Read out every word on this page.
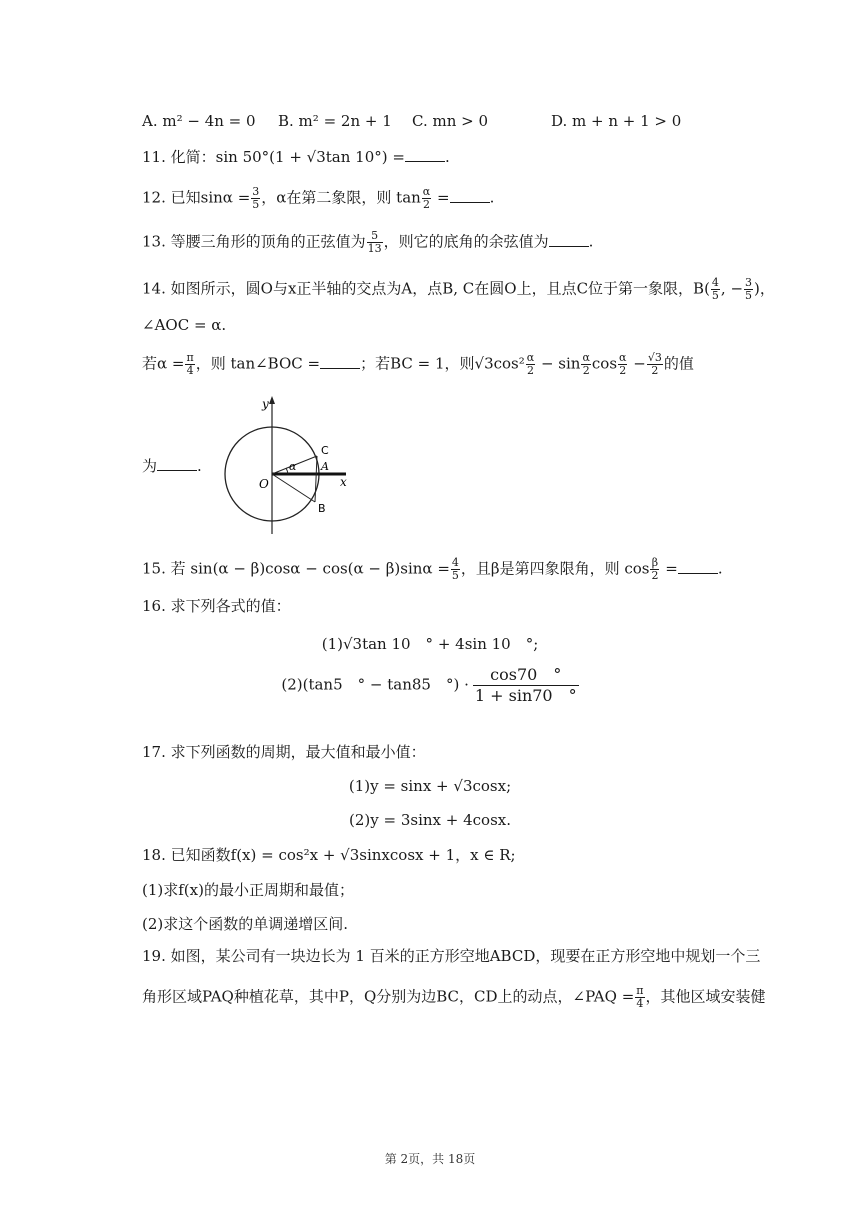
A. m² − 4n = 0 B. m² = 2n + 1 C. mn > 0	D. m + n + 1 > 0
11. 化简：sin 50°(1 + √3tan 10°) =	.
12. 已知$\sin\alpha = \frac{3}{5}$ ，α在第二象限，则 $\tan \frac{\alpha}{2}$ =	.
13. 等腰三角形的顶角的正弦值为 $\frac{5}{13}$ ，则它的底角的余弦值为	.
14. 如图所示，圆O与x正半轴的交点为A，点B, C在圆O上，且点C位于第一象限，$B( \frac{4}{5}$ , − $\frac{3}{5}$ )，
∠AOC = α.
若$\alpha = \frac{\pi}{4}$ ，则 tan∠BOC =	；若BC = 1，则$√3\cos^2 \frac{\alpha}{2} - \sin \frac{\alpha}{2}$ $\cos \frac{\alpha}{2} - \frac{√3}{2}$ 的值
为	.
y
x
α
C
A
O
B
15. 若 $\sin(\alpha - \beta)\cos\alpha - \cos(\alpha - \beta)\sin\alpha = \frac{4}{5}$ ，且β是第四象限角，则 $\cos \frac{\beta}{2}$ =	.
16. 求下列各式的值：
(1)√3tan 10　° + 4sin 10　°;
(2)(tan5　° − tan85　°) · $\frac{\cos 70 ^\circ}{1 + \sin 70 ^\circ}$
17. 求下列函数的周期，最大值和最小值：
(1)y = sinx + √3cosx;
(2)y = 3sinx + 4cosx.
18. 已知函数f(x) = cos²x + √3sinxcosx + 1，x ∈ R;
(1)求f(x)的最小正周期和最值；
(2)求这个函数的单调递增区间.
19. 如图，某公司有一块边长为 1 百米的正方形空地ABCD，现要在正方形空地中规划一个三
角形区域PAQ种植花草，其中P，Q分别为边BC，CD上的动点，∠PAQ = $\frac{\pi}{4}$ ，其他区域安装健
第 2页，共 18页
